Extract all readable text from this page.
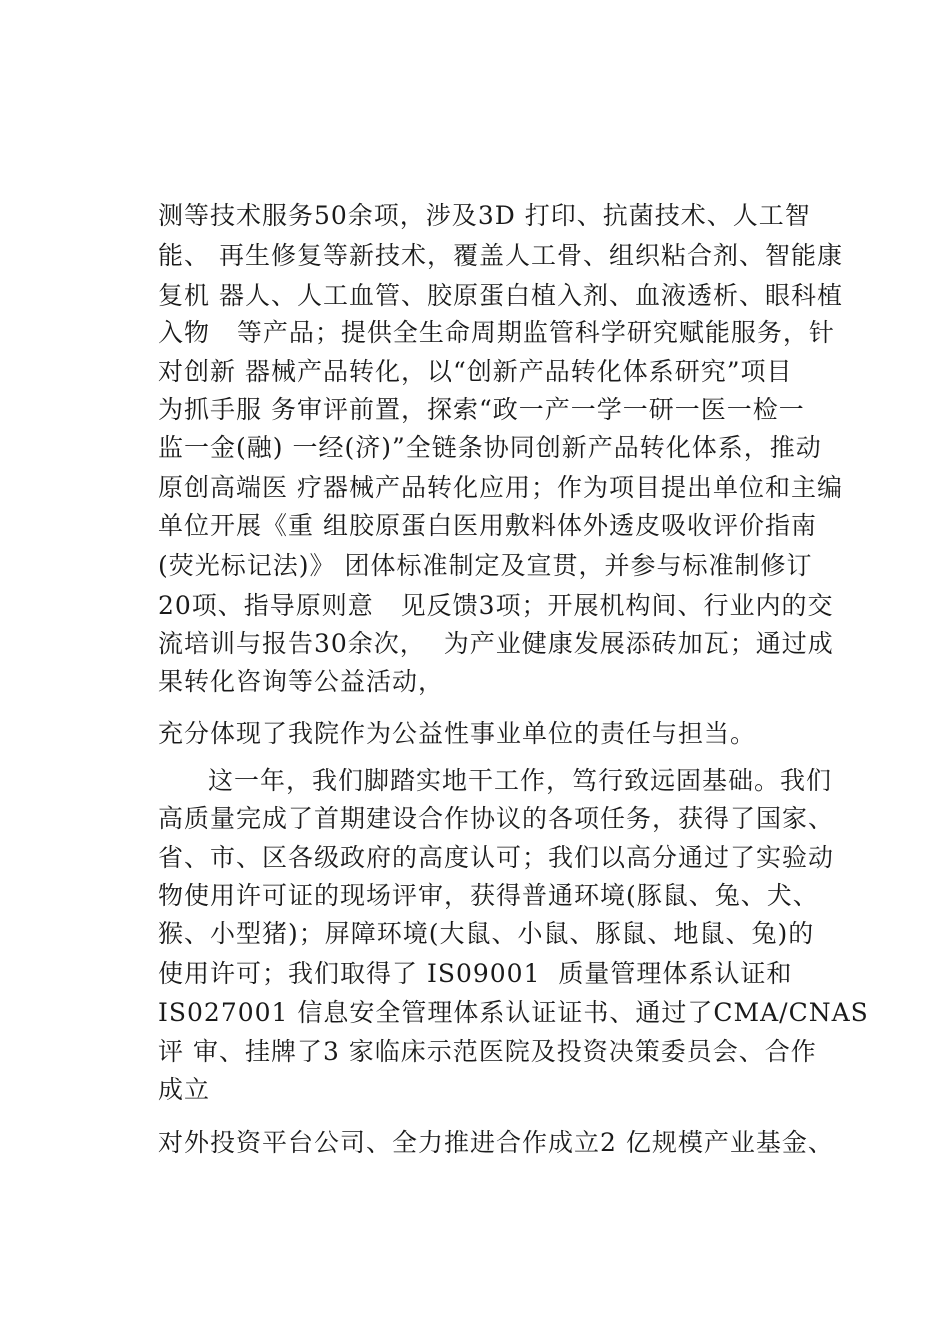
测等技术服务50余项，涉及3D 打印、抗菌技术、人工智
能、 再生修复等新技术，覆盖人工骨、组织粘合剂、智能康
复机 器人、人工血管、胶原蛋白植入剂、血液透析、眼科植
入物   等产品；提供全生命周期监管科学研究赋能服务，针
对创新 器械产品转化，以“创新产品转化体系研究”项目
为抓手服 务审评前置，探索“政一产一学一研一医一检一
监一金(融) 一经(济)”全链条协同创新产品转化体系，推动
原创高端医 疗器械产品转化应用；作为项目提出单位和主编
单位开展《重 组胶原蛋白医用敷料体外透皮吸收评价指南
(荧光标记法)》 团体标准制定及宣贯，并参与标准制修订
20项、指导原则意   见反馈3项；开展机构间、行业内的交
流培训与报告30余次，  为产业健康发展添砖加瓦；通过成
果转化咨询等公益活动，
充分体现了我院作为公益性事业单位的责任与担当。
这一年，我们脚踏实地干工作，笃行致远固基础。我们
高质量完成了首期建设合作协议的各项任务，获得了国家、
省、市、区各级政府的高度认可；我们以高分通过了实验动
物使用许可证的现场评审，获得普通环境(豚鼠、兔、犬、
猴、小型猪)；屏障环境(大鼠、小鼠、豚鼠、地鼠、兔)的
使用许可；我们取得了 IS09001  质量管理体系认证和
IS027001 信息安全管理体系认证证书、通过了CMA/CNAS
评 审、挂牌了3 家临床示范医院及投资决策委员会、合作
成立
对外投资平台公司、全力推进合作成立2 亿规模产业基金、
